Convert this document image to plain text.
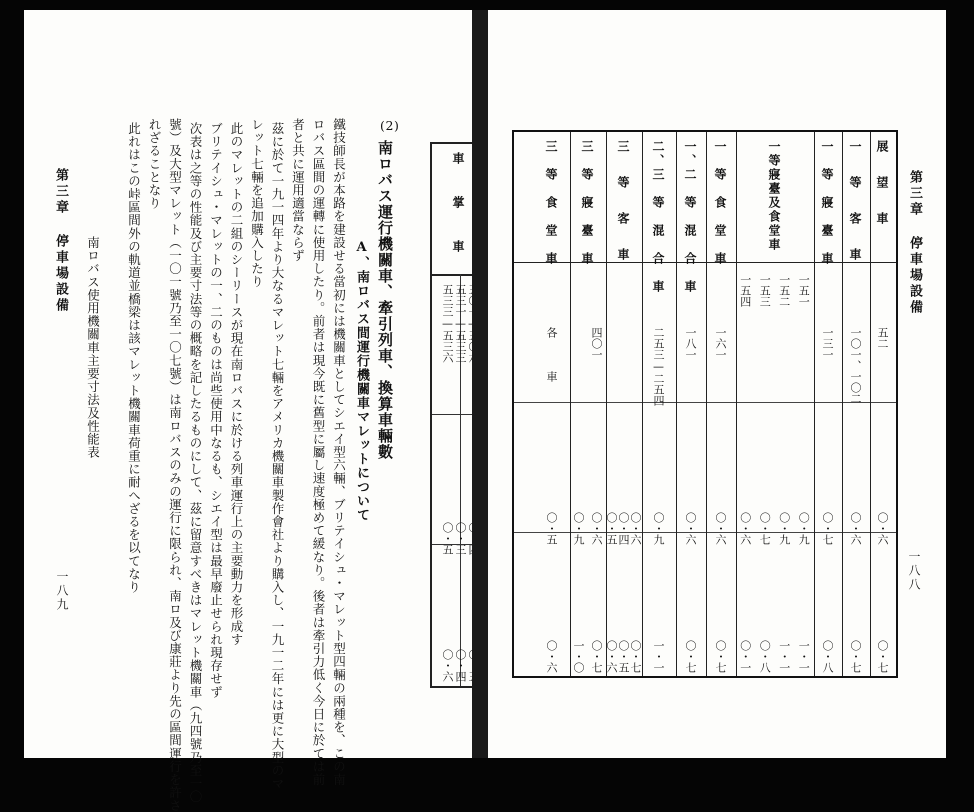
第三章 停車場設備 南ロバス使用機關車主要寸法及性能表	鐵技師長が本路を建設せる當初には機關車としてシエイ型六輛、ブリテイシュ・マレット型四輛の兩種を、この南
ロバス區間の運轉に使用したり。前者は現今既に舊型に屬し速度極めて緩なり。後者は牽引力低く今日に於ては前
者と共に運用適當ならず
茲に於て一九一四年より大なるマレット七輛をアメリカ機關車製作會社より購入し、一九一二年には更に大型のマ
レット七輛を追加購入したり
此のマレットの二組のシーリースが現在南ロバスに於ける列車運行上の主要動力を形成す
ブリテイシュ・マレットの一、二のものは尚些使用中なるも、シエイ型は最早廢止せられ現存せず
次表は之等の性能及び主要寸法等の概略を記したるものにして、茲に留意すべきはマレット機關車（九四號乃至一〇
號）及大型マレット（一〇一號乃至一〇七號）は南ロバスのみの運行に限られ、南ロ及び康莊より先の區間運行を許さ
れざることなり
此れはこの峠區間外の軌道並橋梁は該マレット機關車荷重に耐へざるを以てなり	南ロバス運行機關車、牽引列車、換算車輛數
(2)
A、南ロバス間運行機關車マレットについて
一八九
車　掌　車
五三一—五三三
五三三—五三六
〇・三
〇・五
〇・四
〇・六
第三章 停車場設備
一八八
展　望　車
五二
〇・六
〇・七
一　等　客　車
一〇一、一〇二
〇・六
〇・七
一　等　寢　臺　車
一三一
〇・七
〇・八
一等寢臺及食堂車
一五一
一五二
一五三
一五四
〇・九
〇・九
〇・七
〇・六
一・一
一・一
〇・八
〇・一
一　等　食　堂　車
一六一
〇・六
〇・七
一、二　等　混　合　車
一八一
〇・六
〇・七
二、三　等　混　合　車
二五三—二五四
〇・九
一・一
三　等　客　車
〇・六
〇・四
〇・五
〇・七
〇・五
〇・六
三　等　寢　臺　車
四〇一
〇・六
〇・九
〇・七
一・〇
三　等　食　堂　車
各　　　車
〇・五
〇・六
